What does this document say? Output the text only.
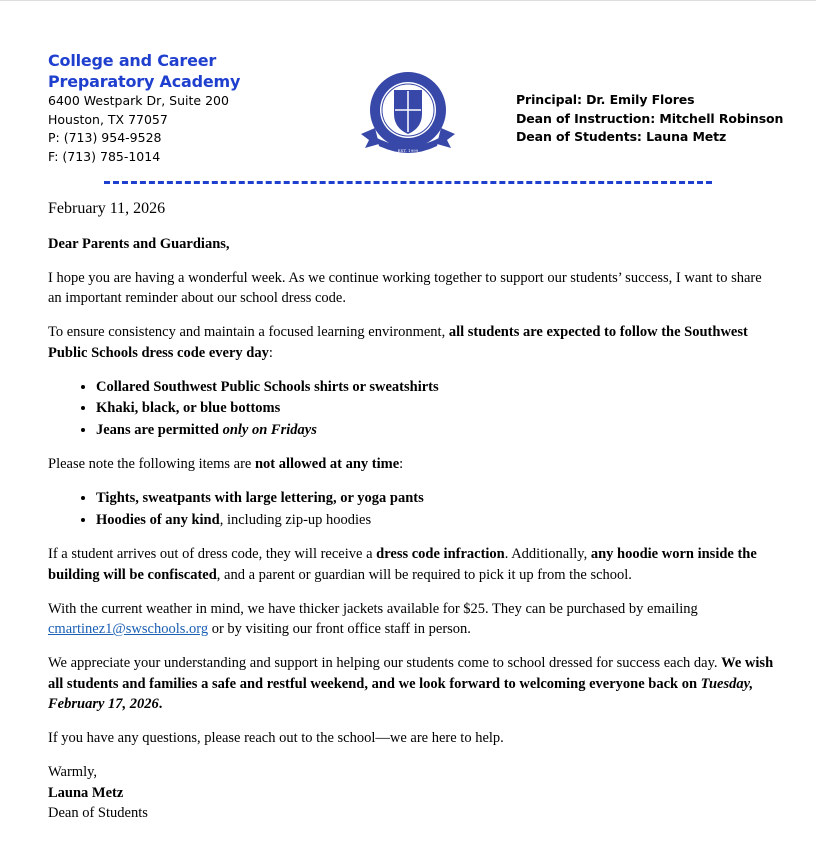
College and Career
Preparatory Academy
6400 Westpark Dr, Suite 200
Houston, TX 77057
P: (713) 954-9528
F: (713) 785-1014	EST. 1999
Principal: Dr. Emily Flores
Dean of Instruction: Mitchell Robinson
Dean of Students: Launa Metz

February 11, 2026

Dear Parents and Guardians,

I hope you are having a wonderful week. As we continue working together to support our students’ success, I want to share an important reminder about our school dress code.

To ensure consistency and maintain a focused learning environment, all students are expected to follow the Southwest Public Schools dress code every day:

• Collared Southwest Public Schools shirts or sweatshirts
• Khaki, black, or blue bottoms
• Jeans are permitted only on Fridays

Please note the following items are not allowed at any time:

• Tights, sweatpants with large lettering, or yoga pants
• Hoodies of any kind, including zip-up hoodies

If a student arrives out of dress code, they will receive a dress code infraction. Additionally, any hoodie worn inside the building will be confiscated, and a parent or guardian will be required to pick it up from the school.

With the current weather in mind, we have thicker jackets available for $25. They can be purchased by emailing cmartinez1@swschools.org or by visiting our front office staff in person.

We appreciate your understanding and support in helping our students come to school dressed for success each day. We wish all students and families a safe and restful weekend, and we look forward to welcoming everyone back on Tuesday, February 17, 2026.

If you have any questions, please reach out to the school—we are here to help.

Warmly,

Launa Metz

Dean of Students
